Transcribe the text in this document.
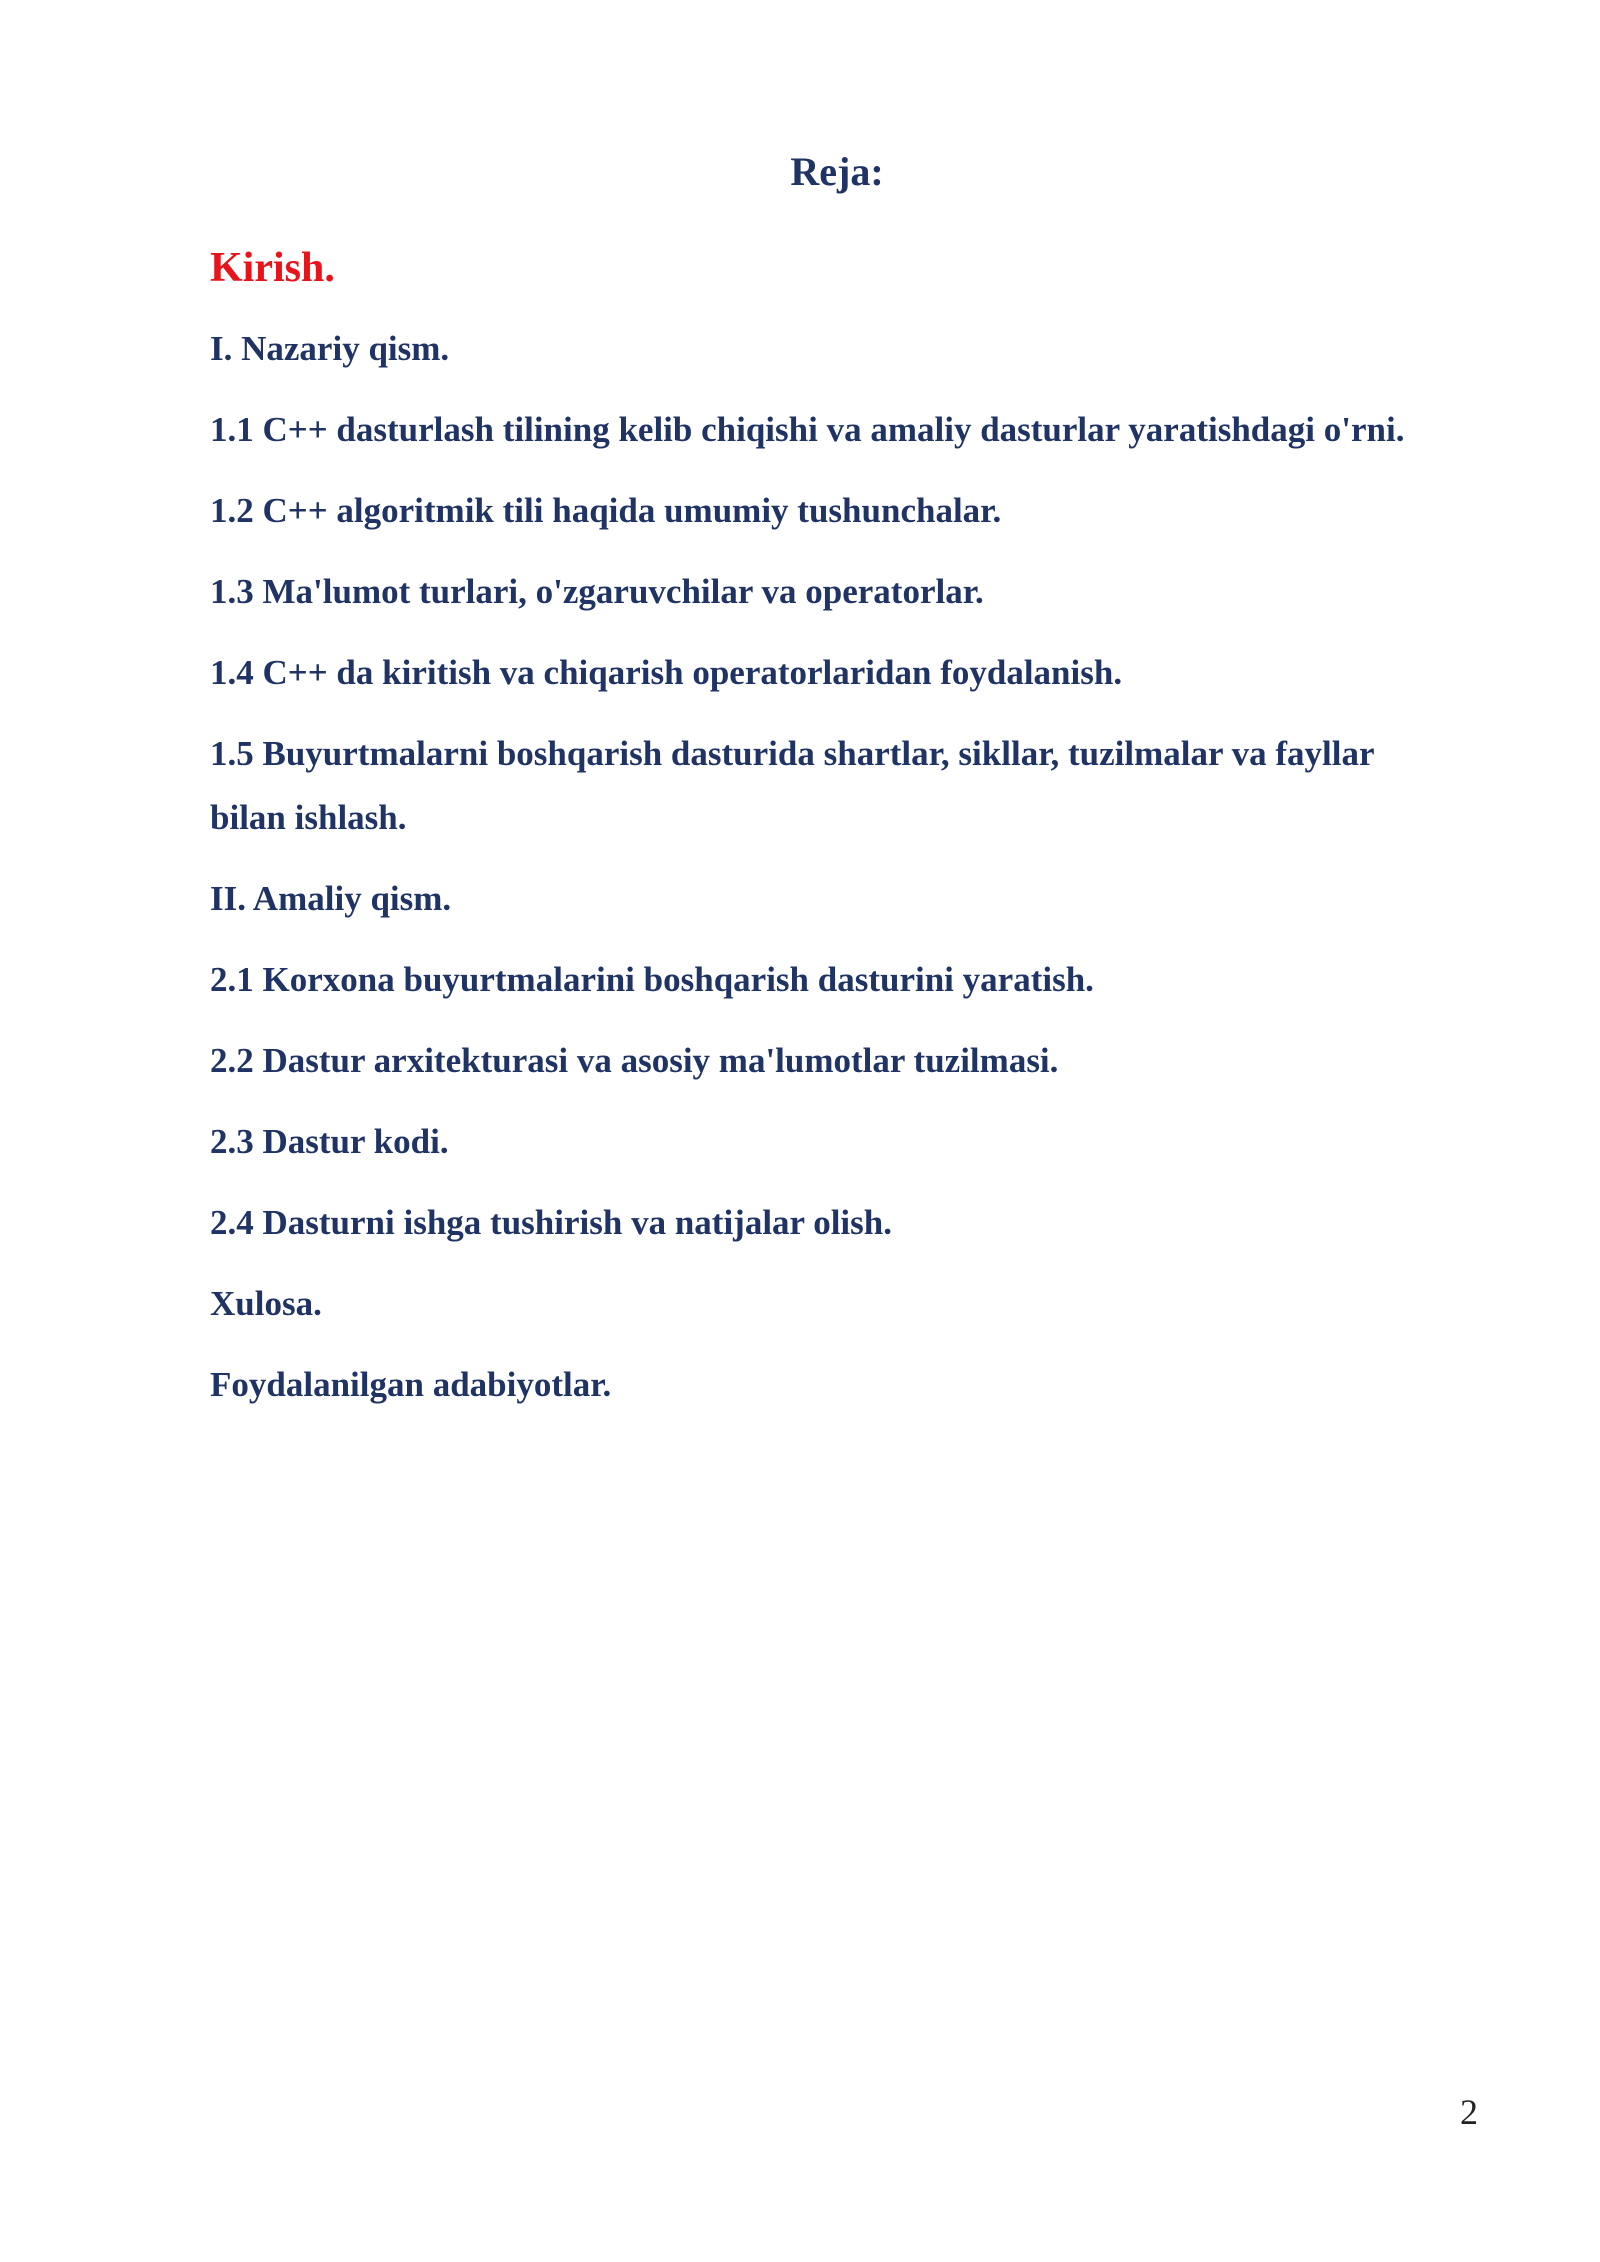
Reja:
Kirish.
I. Nazariy qism.
1.1 C++ dasturlash tilining kelib chiqishi va amaliy dasturlar yaratishdagi o'rni.
1.2 C++ algoritmik tili haqida umumiy tushunchalar.
1.3 Ma'lumot turlari, o'zgaruvchilar va operatorlar.
1.4 C++ da kiritish va chiqarish operatorlaridan foydalanish.
1.5 Buyurtmalarni boshqarish dasturida shartlar, sikllar, tuzilmalar va fayllar bilan ishlash.
II. Amaliy qism.
2.1 Korxona buyurtmalarini boshqarish dasturini yaratish.
2.2 Dastur arxitekturasi va asosiy ma'lumotlar tuzilmasi.
2.3 Dastur kodi.
2.4 Dasturni ishga tushirish va natijalar olish.
Xulosa.
Foydalanilgan adabiyotlar.
2
